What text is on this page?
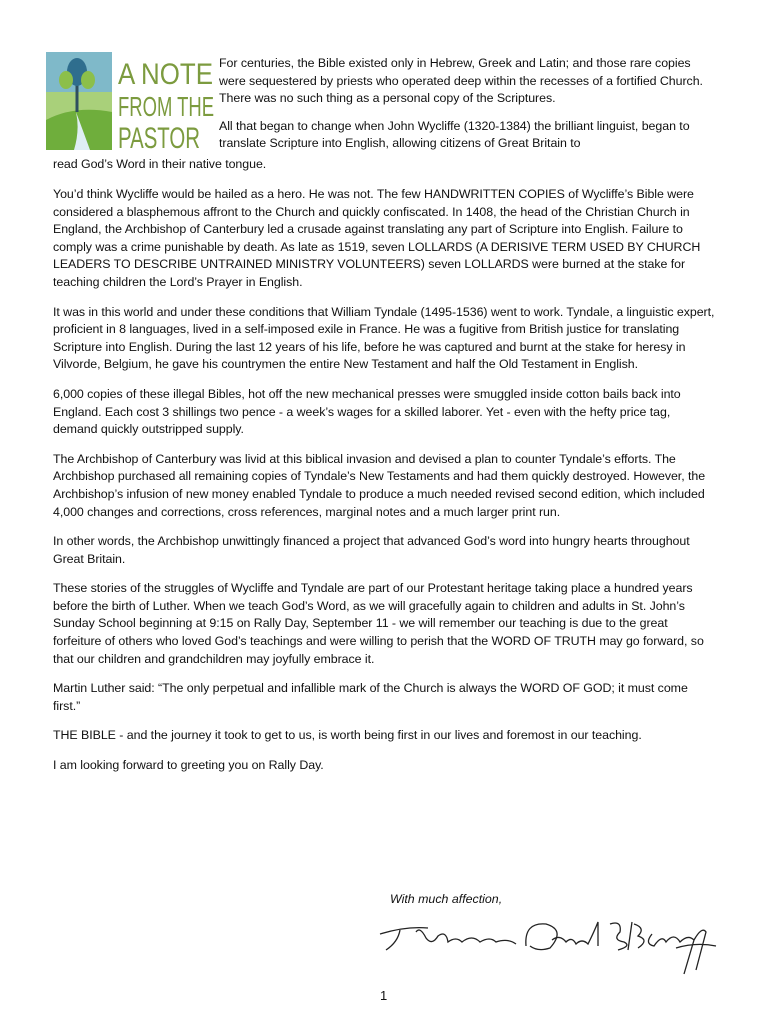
A NOTE
FROM THE
PASTOR

For centuries, the Bible existed only in Hebrew, Greek and Latin; and those rare copies were sequestered by priests who operated deep within the recesses of a fortified Church. There was no such thing as a personal copy of the Scriptures.

All that began to change when John Wycliffe (1320-1384) the brilliant linguist, began to translate Scripture into English, allowing citizens of Great Britain to

read God’s Word in their native tongue.

You’d think Wycliffe would be hailed as a hero. He was not. The few HANDWRITTEN COPIES of Wycliffe’s Bible were considered a blasphemous affront to the Church and quickly confiscated. In 1408, the head of the Christian Church in England, the Archbishop of Canterbury led a crusade against translating any part of Scripture into English. Failure to comply was a crime punishable by death. As late as 1519, seven LOLLARDS (A DERISIVE TERM USED BY CHURCH LEADERS TO DESCRIBE UNTRAINED MINISTRY VOLUNTEERS) seven LOLLARDS were burned at the stake for teaching children the Lord’s Prayer in English.

It was in this world and under these conditions that William Tyndale (1495-1536) went to work. Tyndale, a linguistic expert, proficient in 8 languages, lived in a self-imposed exile in France. He was a fugitive from British justice for translating Scripture into English. During the last 12 years of his life, before he was captured and burnt at the stake for heresy in Vilvorde, Belgium, he gave his countrymen the entire New Testament and half the Old Testament in English.

6,000 copies of these illegal Bibles, hot off the new mechanical presses were smuggled inside cotton bails back into England. Each cost 3 shillings two pence - a week’s wages for a skilled laborer. Yet - even with the hefty price tag, demand quickly outstripped supply.

The Archbishop of Canterbury was livid at this biblical invasion and devised a plan to counter Tyndale’s efforts. The Archbishop purchased all remaining copies of Tyndale’s New Testaments and had them quickly destroyed. However, the Archbishop’s infusion of new money enabled Tyndale to produce a much needed revised second edition, which included 4,000 changes and corrections, cross references, marginal notes and a much larger print run.

In other words, the Archbishop unwittingly financed a project that advanced God’s word into hungry hearts throughout Great Britain.

These stories of the struggles of Wycliffe and Tyndale are part of our Protestant heritage taking place a hundred years before the birth of Luther. When we teach God’s Word, as we will gracefully again to children and adults in St. John’s Sunday School beginning at 9:15 on Rally Day, September 11 - we will remember our teaching is due to the great forfeiture of others who loved God’s teachings and were willing to perish that the WORD OF TRUTH may go forward, so that our children and grandchildren may joyfully embrace it.

Martin Luther said: “The only perpetual and infallible mark of the Church is always the WORD OF GOD; it must come first.”

THE BIBLE - and the journey it took to get to us, is worth being first in our lives and foremost in our teaching.

I am looking forward to greeting you on Rally Day.

With much affection,
1
